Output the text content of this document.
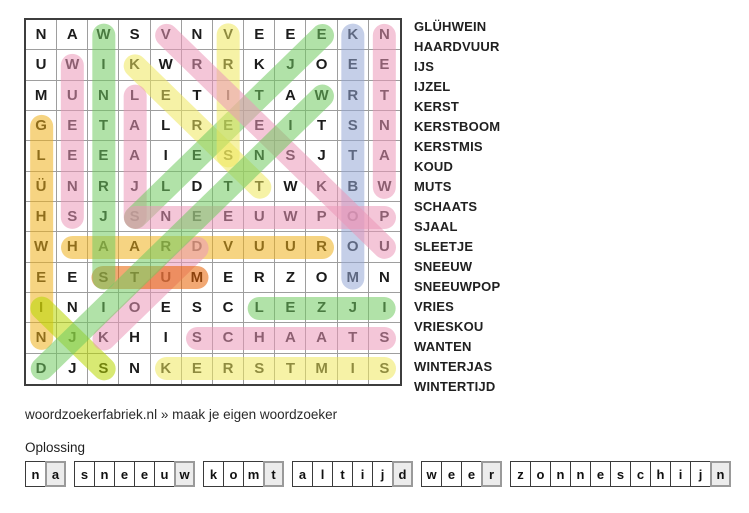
N	A	S	N	E	E
U	W	K	O
M	T	A
L	T
I	J
D	W
E	E	R	Z	O	N
N	E	S	C
H	I
J	N
GLÜHWEIN
HAARDVUUR
IJS
IJZEL
KERST
KERSTBOOM
KERSTMIS
KOUD
MUTS
SCHAATS
SJAAL
SLEETJE
SNEEUW
SNEEUWPOP
VRIES
VRIESKOU
WANTEN
WINTERJAS
WINTERTIJD
woordzoekerfabriek.nl » maak je eigen woordzoeker
Oplossing
n a	s n e e u w	k o m t	a	l	t	i	j	d	w e e	r	z o n n e s c h	i	j	n
